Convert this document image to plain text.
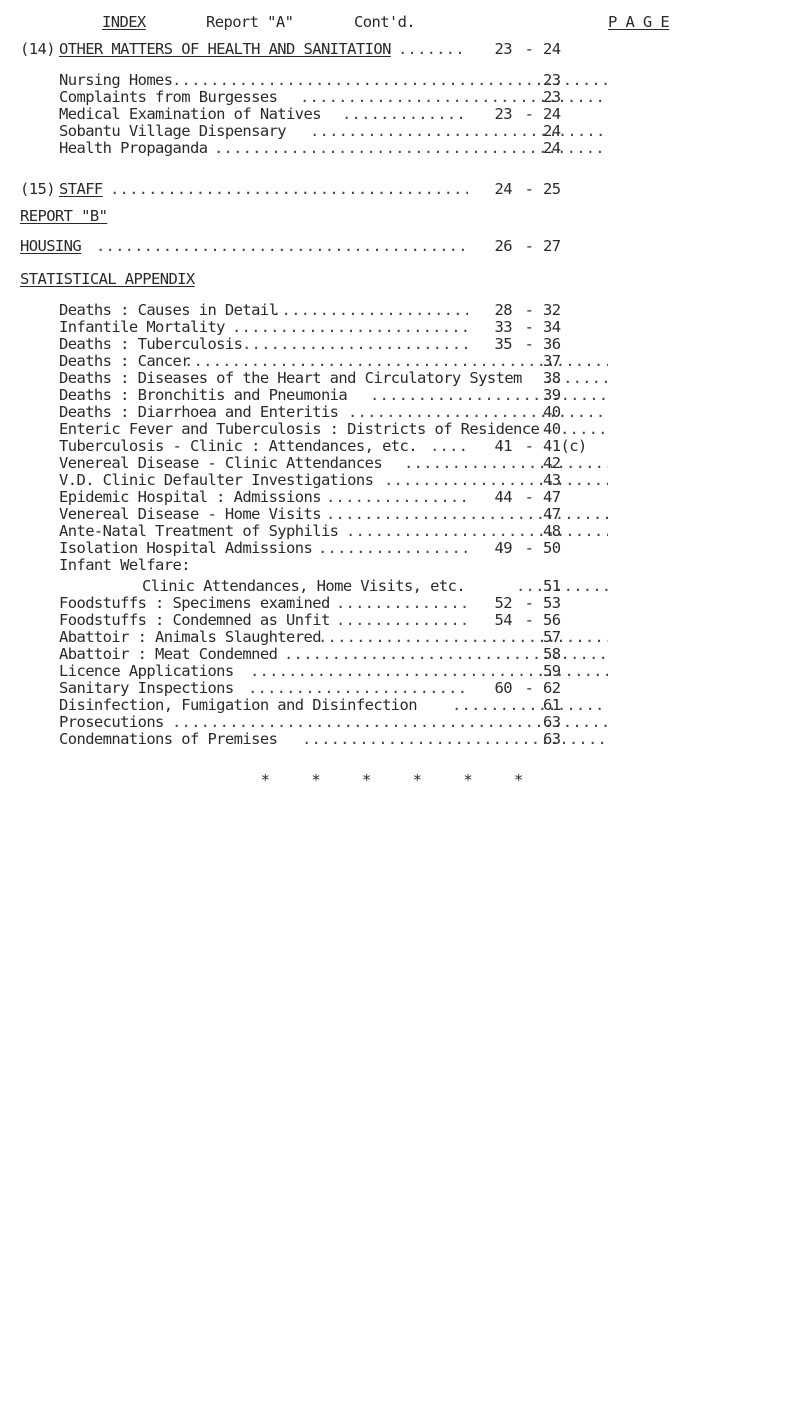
INDEX	Report "A"	Cont'd.	P A G E
(14) OTHER MATTERS OF HEALTH AND SANITATION .....	23 - 24
Nursing Homes .....	23
Complaints from Burgesses .....	23
Medical Examination of Natives .....	23 - 24
Sobantu Village Dispensary .....	24
Health Propaganda .....	24
(15) STAFF .....	24 - 25
REPORT "B"
HOUSING .....	26 - 27
STATISTICAL APPENDIX
Deaths : Causes in Detail .....	28 - 32
Infantile Mortality .....	33 - 34
Deaths : Tuberculosis .....	35 - 36
Deaths : Cancer .....	37
Deaths : Diseases of the Heart and Circulatory System ..... 38
Deaths : Bronchitis and Pneumonia .....	39
Deaths : Diarrhoea and Enteritis .....	40
Enteric Fever and Tuberculosis : Districts of Residence ..... 40
Tuberculosis - Clinic : Attendances, etc. .....	41 - 41(c)
Venereal Disease - Clinic Attendances .....	42
V.D. Clinic Defaulter Investigations .....	43
Epidemic Hospital : Admissions .....	44 - 47
Venereal Disease - Home Visits .....	47
Ante-Natal Treatment of Syphilis .....	48
Isolation Hospital Admissions .....	49 - 50
Infant Welfare:
Clinic Attendances, Home Visits, etc. .....	51
Foodstuffs : Specimens examined .....	52 - 53
Foodstuffs : Condemned as Unfit .....	54 - 56
Abattoir : Animals Slaughtered .....	57
Abattoir : Meat Condemned .....	58
Licence Applications .....	59
Sanitary Inspections .....	60 - 62
Disinfection, Fumigation and Disinfection .....	61
Prosecutions .....	63
Condemnations of Premises .....	63
* * * * * *
